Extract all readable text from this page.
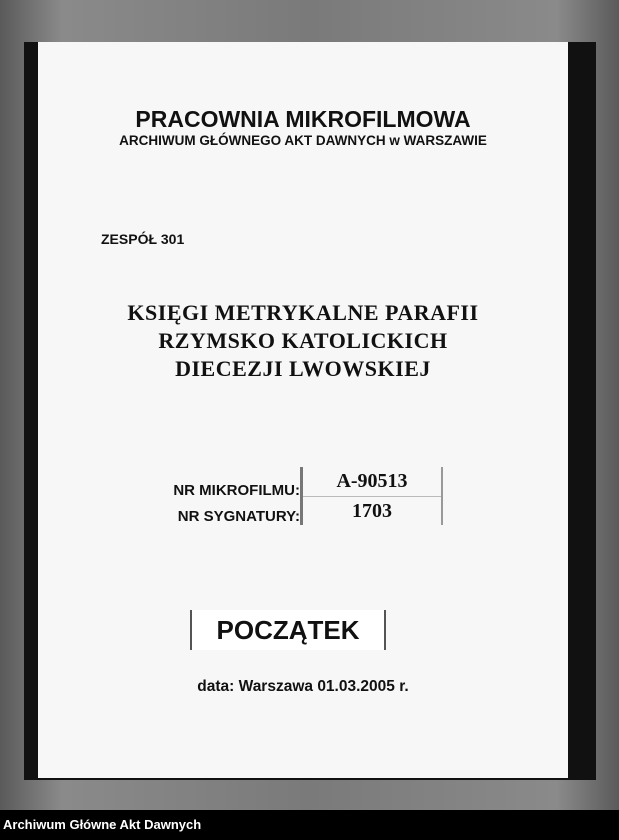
PRACOWNIA MIKROFILMOWA
ARCHIWUM GŁÓWNEGO AKT DAWNYCH w WARSZAWIE
ZESPÓŁ 301
KSIĘGI METRYKALNE PARAFII
RZYMSKO KATOLICKICH
DIECEZJI LWOWSKIEJ
NR MIKROFILMU:
NR SYGNATURY:
A-90513
1703
POCZĄTEK
data: Warszawa 01.03.2005 r.
Archiwum Główne Akt Dawnych
